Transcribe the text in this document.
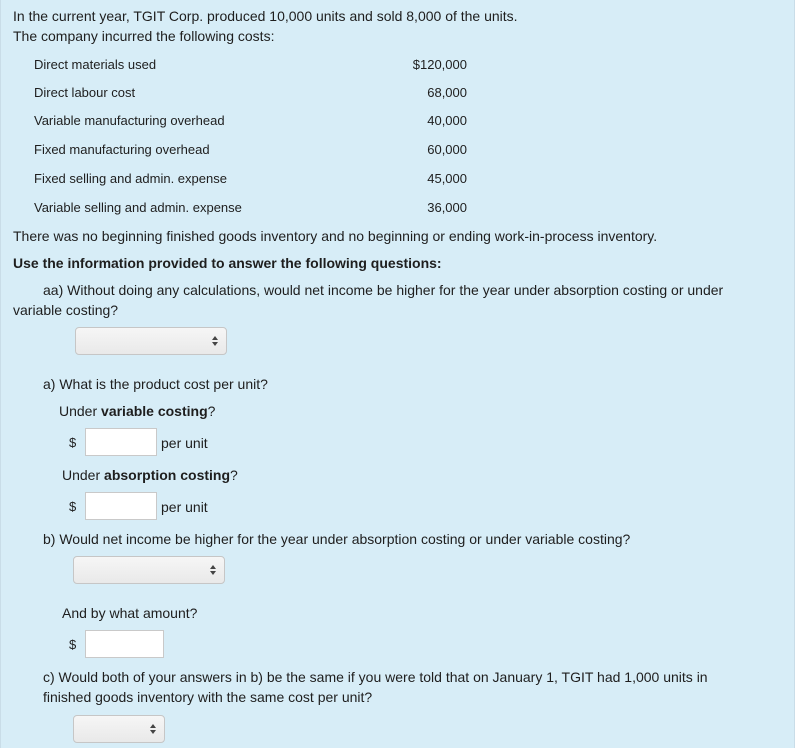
In the current year, TGIT Corp. produced 10,000 units and sold 8,000 of the units.
The company incurred the following costs:
Direct materials used	$120,000
Direct labour cost	68,000
Variable manufacturing overhead	40,000
Fixed manufacturing overhead	60,000
Fixed selling and admin. expense	45,000
Variable selling and admin. expense	36,000
There was no beginning finished goods inventory and no beginning or ending work-in-process inventory.
Use the information provided to answer the following questions:
aa) Without doing any calculations, would net income be higher for the year under absorption costing or under
variable costing?
a) What is the product cost per unit?
Under variable costing?
$	per unit
Under absorption costing?
$	per unit
b) Would net income be higher for the year under absorption costing or under variable costing?
And by what amount?
$
c) Would both of your answers in b) be the same if you were told that on January 1, TGIT had 1,000 units in
finished goods inventory with the same cost per unit?
